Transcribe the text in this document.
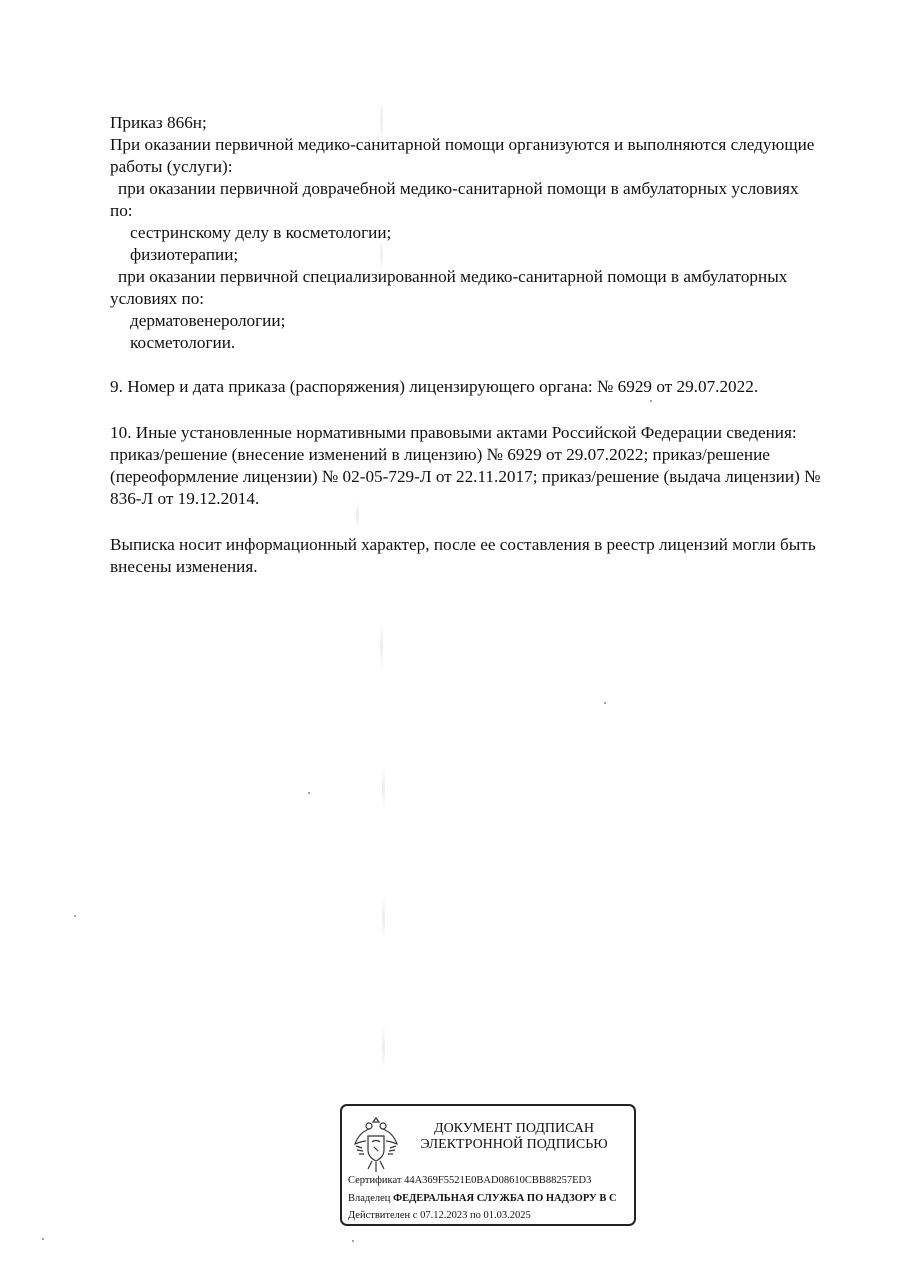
Приказ 866н;
При оказании первичной медико-санитарной помощи организуются и выполняются следующие
работы (услуги):
при оказании первичной доврачебной медико-санитарной помощи в амбулаторных условиях
по:
сестринскому делу в косметологии;
физиотерапии;
при оказании первичной специализированной медико-санитарной помощи в амбулаторных
условиях по:
дерматовенерологии;
косметологии.
9. Номер и дата приказа (распоряжения) лицензирующего органа: № 6929 от 29.07.2022.
10. Иные установленные нормативными правовыми актами Российской Федерации сведения:
приказ/решение (внесение изменений в лицензию) № 6929 от 29.07.2022; приказ/решение
(переоформление лицензии) № 02-05-729-Л от 22.11.2017; приказ/решение (выдача лицензии) №
836-Л от 19.12.2014.
Выписка носит информационный характер, после ее составления в реестр лицензий могли быть
внесены изменения.
ДОКУМЕНТ ПОДПИСАН
ЭЛЕКТРОННОЙ ПОДПИСЬЮ
Сертификат 44A369F5521E0BAD08610CBB88257ED3
Владелец ФЕДЕРАЛЬНАЯ СЛУЖБА ПО НАДЗОРУ В С
Действителен с 07.12.2023 по 01.03.2025
